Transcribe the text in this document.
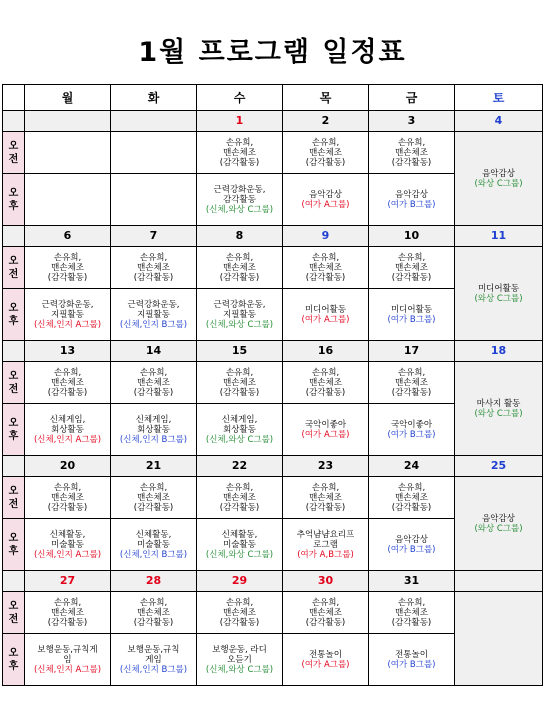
1월 프로그램 일정표
	월	화	수	목	금	토
			1	2	3	4

오
전			손유희,
맨손체조
(감각활동)	손유희,
맨손체조
(감각활동)	손유희,
맨손체조
(감각활동)	음악감상
(와상 C그룹)

오
후			근력강화운동,
감각활동
(신체,와상 C그룹)	음악감상
(여가 A그룹)	음악감상
(여가 B그룹)	

	6	7	8	9	10	11

오
전	손유희,
맨손체조
(감각활동)	손유희,
맨손체조
(감각활동)	손유희,
맨손체조
(감각활동)	손유희,
맨손체조
(감각활동)	손유희,
맨손체조
(감각활동)	미디어활동
(와상 C그룹)

오
후	근력강화운동,
지필활동
(신체,인지 A그룹)	근력강화운동,
지필활동
(신체,인지 B그룹)	근력강화운동,
지필활동
(신체,와상 C그룹)	미디어활동
(여가 A그룹)	미디어활동
(여가 B그룹)	

	13	14	15	16	17	18

오
전	손유희,
맨손체조
(감각활동)	손유희,
맨손체조
(감각활동)	손유희,
맨손체조
(감각활동)	손유희,
맨손체조
(감각활동)	손유희,
맨손체조
(감각활동)	마사지 활동
(와상 C그룹)

오
후	신체게임,
회상활동
(신체,인지 A그룹)	신체게임,
회상활동
(신체,인지 B그룹)	신체게임,
회상활동
(신체,와상 C그룹)	국악이좋아
(여가 A그룹)	국악이좋아
(여가 B그룹)	

	20	21	22	23	24	25

오
전	손유희,
맨손체조
(감각활동)	손유희,
맨손체조
(감각활동)	손유희,
맨손체조
(감각활동)	손유희,
맨손체조
(감각활동)	손유희,
맨손체조
(감각활동)	음악감상
(와상 C그룹)

오
후	신체활동,
미술활동
(신체,인지 A그룹)	신체활동,
미술활동
(신체,인지 B그룹)	신체활동,
미술활동
(신체,와상 C그룹)	추억냠냠요리프
로그램
(여가 A,B그룹)	음악감상
(여가 B그룹)	

	27	28	29	30	31	

오
전	손유희,
맨손체조
(감각활동)	손유희,
맨손체조
(감각활동)	손유희,
맨손체조
(감각활동)	손유희,
맨손체조
(감각활동)	손유희,
맨손체조
(감각활동)	

오
후	보행운동,규칙게
임
(신체,인지 A그룹)	보행운동,규칙
게임
(신체,인지 B그룹)	보행운동, 라디
오듣기
(신체,와상 C그룹)	전통놀이
(여가 A그룹)	전통놀이
(여가 B그룹)	
